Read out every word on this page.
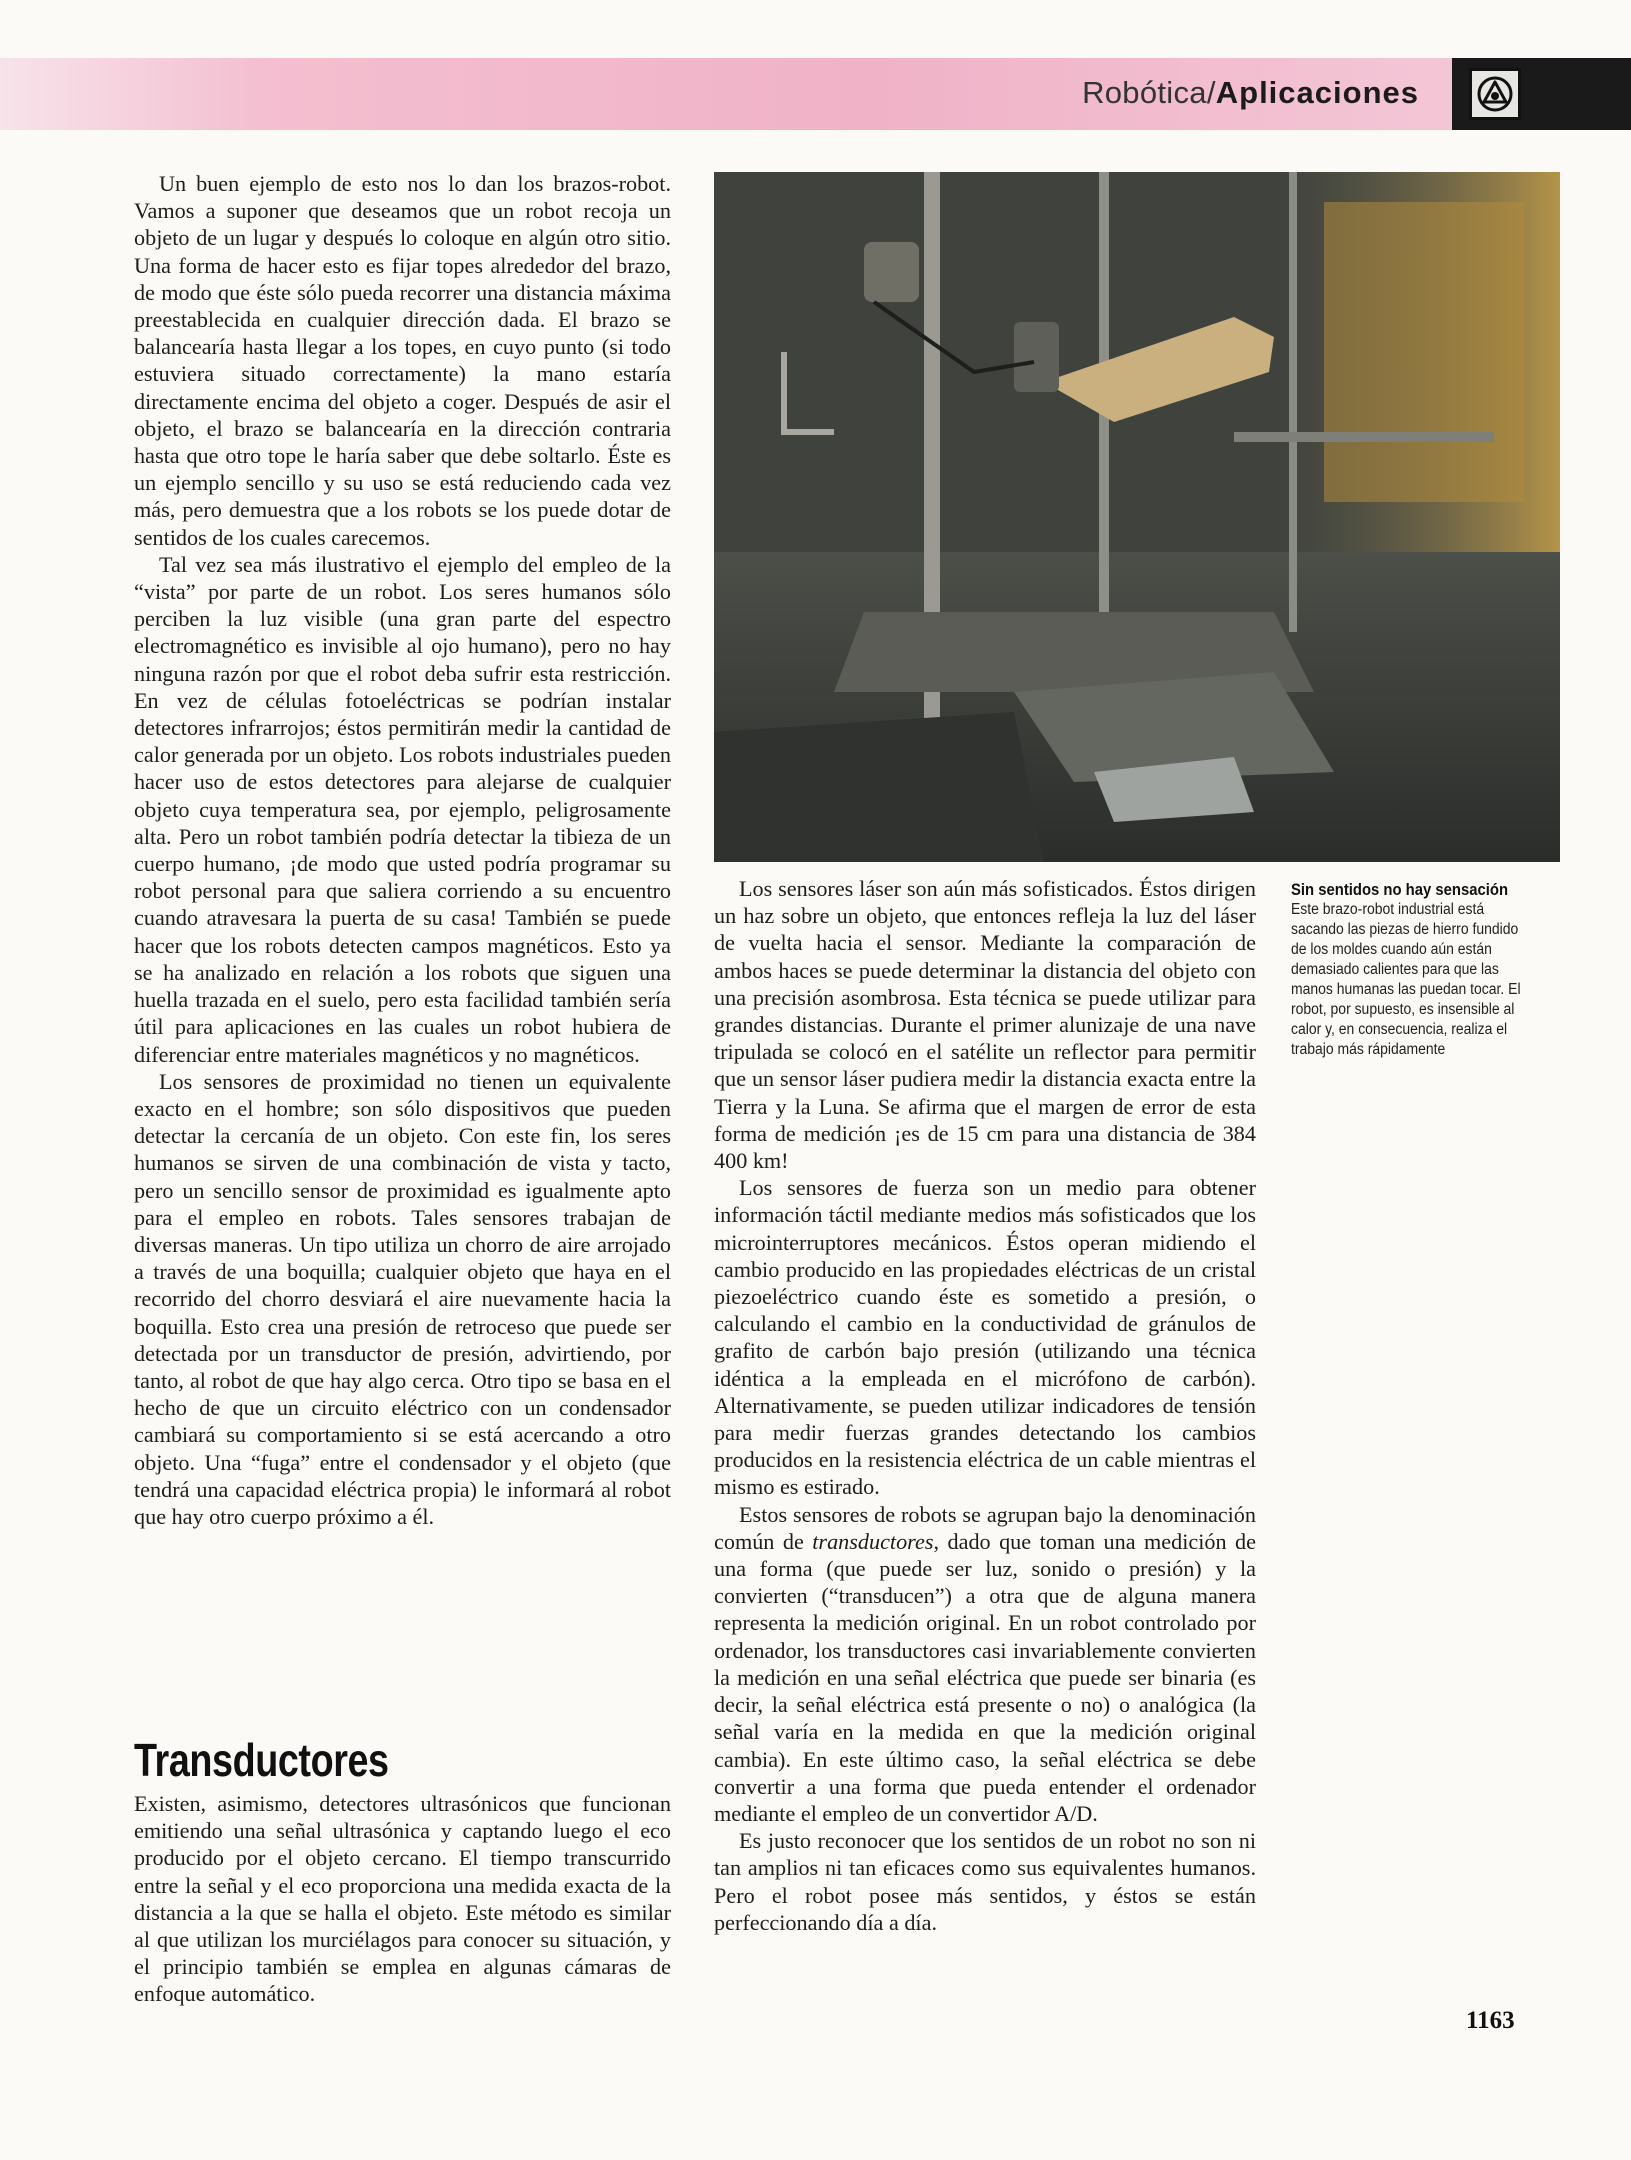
Robótica/Aplicaciones

Un buen ejemplo de esto nos lo dan los brazos-robot. Vamos a suponer que deseamos que un robot recoja un objeto de un lugar y después lo coloque en algún otro sitio. Una forma de hacer esto es fijar topes alrededor del brazo, de modo que éste sólo pueda recorrer una distancia máxima preestablecida en cualquier dirección dada. El brazo se balancearía hasta llegar a los topes, en cuyo punto (si todo estuviera situado correctamente) la mano estaría directamente encima del objeto a coger. Después de asir el objeto, el brazo se balancearía en la dirección contraria hasta que otro tope le haría saber que debe soltarlo. Éste es un ejemplo sencillo y su uso se está reduciendo cada vez más, pero demuestra que a los robots se los puede dotar de sentidos de los cuales carecemos.

Tal vez sea más ilustrativo el ejemplo del empleo de la “vista” por parte de un robot. Los seres humanos sólo perciben la luz visible (una gran parte del espectro electromagnético es invisible al ojo humano), pero no hay ninguna razón por que el robot deba sufrir esta restricción. En vez de células fotoeléctricas se podrían instalar detectores infrarrojos; éstos permitirán medir la cantidad de calor generada por un objeto. Los robots industriales pueden hacer uso de estos detectores para alejarse de cualquier objeto cuya temperatura sea, por ejemplo, peligrosamente alta. Pero un robot también podría detectar la tibieza de un cuerpo humano, ¡de modo que usted podría programar su robot personal para que saliera corriendo a su encuentro cuando atravesara la puerta de su casa! También se puede hacer que los robots detecten campos magnéticos. Esto ya se ha analizado en relación a los robots que siguen una huella trazada en el suelo, pero esta facilidad también sería útil para aplicaciones en las cuales un robot hubiera de diferenciar entre materiales magnéticos y no magnéticos.

Los sensores de proximidad no tienen un equivalente exacto en el hombre; son sólo dispositivos que pueden detectar la cercanía de un objeto. Con este fin, los seres humanos se sirven de una combinación de vista y tacto, pero un sencillo sensor de proximidad es igualmente apto para el empleo en robots. Tales sensores trabajan de diversas maneras. Un tipo utiliza un chorro de aire arrojado a través de una boquilla; cualquier objeto que haya en el recorrido del chorro desviará el aire nuevamente hacia la boquilla. Esto crea una presión de retroceso que puede ser detectada por un transductor de presión, advirtiendo, por tanto, al robot de que hay algo cerca. Otro tipo se basa en el hecho de que un circuito eléctrico con un condensador cambiará su comportamiento si se está acercando a otro objeto. Una “fuga” entre el condensador y el objeto (que tendrá una capacidad eléctrica propia) le informará al robot que hay otro cuerpo próximo a él.

Transductores

Existen, asimismo, detectores ultrasónicos que funcionan emitiendo una señal ultrasónica y captando luego el eco producido por el objeto cercano. El tiempo transcurrido entre la señal y el eco proporciona una medida exacta de la distancia a la que se halla el objeto. Este método es similar al que utilizan los murciélagos para conocer su situación, y el principio también se emplea en algunas cámaras de enfoque automático.

Sin sentidos no hay sensación
Este brazo-robot industrial está sacando las piezas de hierro fundido de los moldes cuando aún están demasiado calientes para que las manos humanas las puedan tocar. El robot, por supuesto, es insensible al calor y, en consecuencia, realiza el trabajo más rápidamente

Los sensores láser son aún más sofisticados. Éstos dirigen un haz sobre un objeto, que entonces refleja la luz del láser de vuelta hacia el sensor. Mediante la comparación de ambos haces se puede determinar la distancia del objeto con una precisión asombrosa. Esta técnica se puede utilizar para grandes distancias. Durante el primer alunizaje de una nave tripulada se colocó en el satélite un reflector para permitir que un sensor láser pudiera medir la distancia exacta entre la Tierra y la Luna. Se afirma que el margen de error de esta forma de medición ¡es de 15 cm para una distancia de 384 400 km!

Los sensores de fuerza son un medio para obtener información táctil mediante medios más sofisticados que los microinterruptores mecánicos. Éstos operan midiendo el cambio producido en las propiedades eléctricas de un cristal piezoeléctrico cuando éste es sometido a presión, o calculando el cambio en la conductividad de gránulos de grafito de carbón bajo presión (utilizando una técnica idéntica a la empleada en el micrófono de carbón). Alternativamente, se pueden utilizar indicadores de tensión para medir fuerzas grandes detectando los cambios producidos en la resistencia eléctrica de un cable mientras el mismo es estirado.

Estos sensores de robots se agrupan bajo la denominación común de transductores, dado que toman una medición de una forma (que puede ser luz, sonido o presión) y la convierten (“transducen”) a otra que de alguna manera representa la medición original. En un robot controlado por ordenador, los transductores casi invariablemente convierten la medición en una señal eléctrica que puede ser binaria (es decir, la señal eléctrica está presente o no) o analógica (la señal varía en la medida en que la medición original cambia). En este último caso, la señal eléctrica se debe convertir a una forma que pueda entender el ordenador mediante el empleo de un convertidor A/D.

Es justo reconocer que los sentidos de un robot no son ni tan amplios ni tan eficaces como sus equivalentes humanos. Pero el robot posee más sentidos, y éstos se están perfeccionando día a día.

1163
